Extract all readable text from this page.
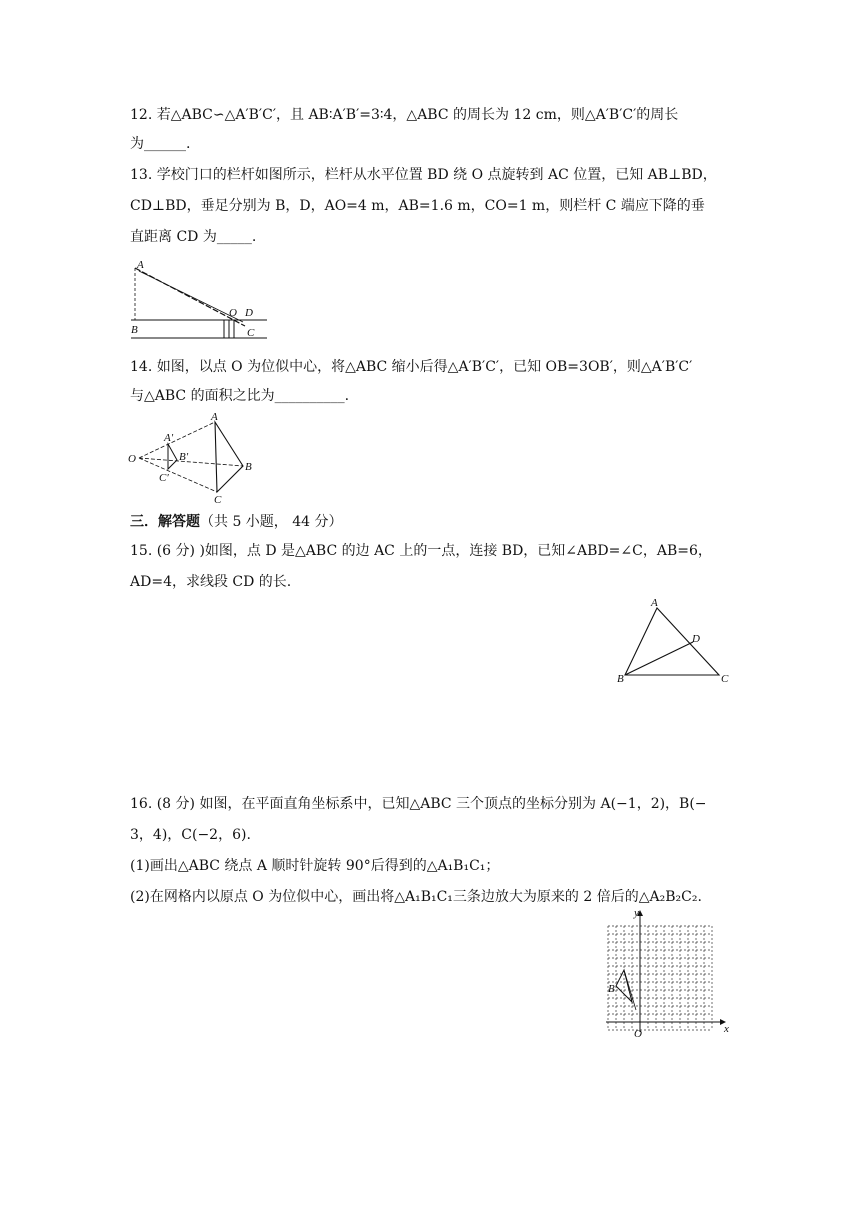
12. 若△ABC∽△A′B′C′，且 AB∶A′B′=3∶4，△ABC 的周长为 12 cm，则△A′B′C′的周长
为______.
13. 学校门口的栏杆如图所示，栏杆从水平位置 BD 绕 O 点旋转到 AC 位置，已知 AB⊥BD，
CD⊥BD，垂足分别为 B，D，AO=4 m，AB=1.6 m，CO=1 m，则栏杆 C 端应下降的垂
直距离 CD 为_____.
A
B
O D
C
14. 如图，以点 O 为位似中心，将△ABC 缩小后得△A′B′C′，已知 OB=3OB′，则△A′B′C′
与△ABC 的面积之比为__________.
O
A′
B′
C′
A
B
C
三．解答题（共 5 小题， 44 分）
15. (6 分) )如图，点 D 是△ABC 的边 AC 上的一点，连接 BD，已知∠ABD=∠C，AB=6，
AD=4，求线段 CD 的长.
A
B	C
D
16. (8 分) 如图，在平面直角坐标系中，已知△ABC 三个顶点的坐标分别为 A(−1，2)，B(−
3，4)，C(−2，6).
(1)画出△ABC 绕点 A 顺时针旋转 90°后得到的△A₁B₁C₁；
(2)在网格内以原点 O 为位似中心，画出将△A₁B₁C₁三条边放大为原来的 2 倍后的△A₂B₂C₂.
y
x
O
B
